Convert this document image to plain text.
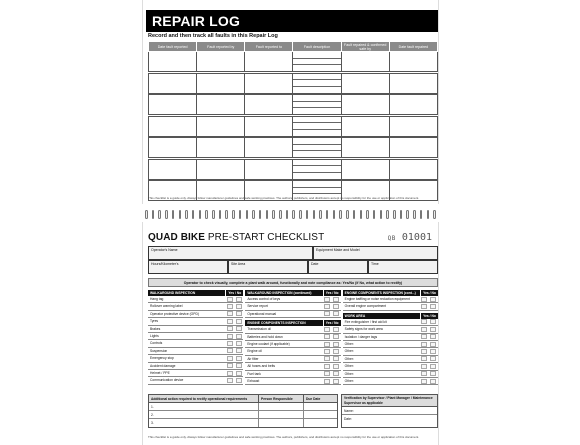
REPAIR LOG
Record and then track all faults in this Repair Log
Date fault reported	Fault reported by	Fault reported to	Fault description	Fault repaired & confirmed safe by	Date fault repaired

This checklist is a guide only. Always follow manufacturer guidelines and safe working practices. The authors, publishers, and distributors accept no responsibility for the use or application of this document.
QUAD BIKE PRE-START CHECKLIST	QB 01001
Operator's Name	Equipment Make and Model
Hours/Kilometer's	Site Area	Date	Time
Operator to check visually, complete a plant walk around, functionally and note compliance as: Yes/No (if No, what action to rectify)
WALKAROUND INSPECTION	Yes / No
Hang tag
Rollover warning label
Operator protective device (OPD)
Tyres
Brakes
Lights
Controls
Suspension
Emergency stop
Accident damage
Helmet / PPE
Communication device
WALKAROUND INSPECTION (continued)	Yes / No
Access control of keys
Service report
Operational manual
ENGINE COMPONENTS INSPECTION	Yes / No
Transmission oil
Batteries and hold down
Engine coolant (if applicable)
Engine oil
Air filter
All hoses and belts
Fuel tank
Exhaust
ENGINE COMPONENTS INSPECTION (cont...)	Yes / No
Engine baffling or noise reduction equipment
Overall engine compartment
WORK AREA	Yes / No
Fire extinguisher / first aid kit
Safety signs for work area
Isolation / danger tags
Other:
Other:
Other:
Other:
Other:
Other:
Additional action required to rectify operational requirements	Person Responsible	Due Date
1.
2.
3.
Verification by Supervisor / Plant Manager / Maintenance Supervisor as applicable
Name:
Date:
This checklist is a guide only. Always follow manufacturer guidelines and safe working practices. The authors, publishers, and distributors accept no responsibility for the use or application of this document.
